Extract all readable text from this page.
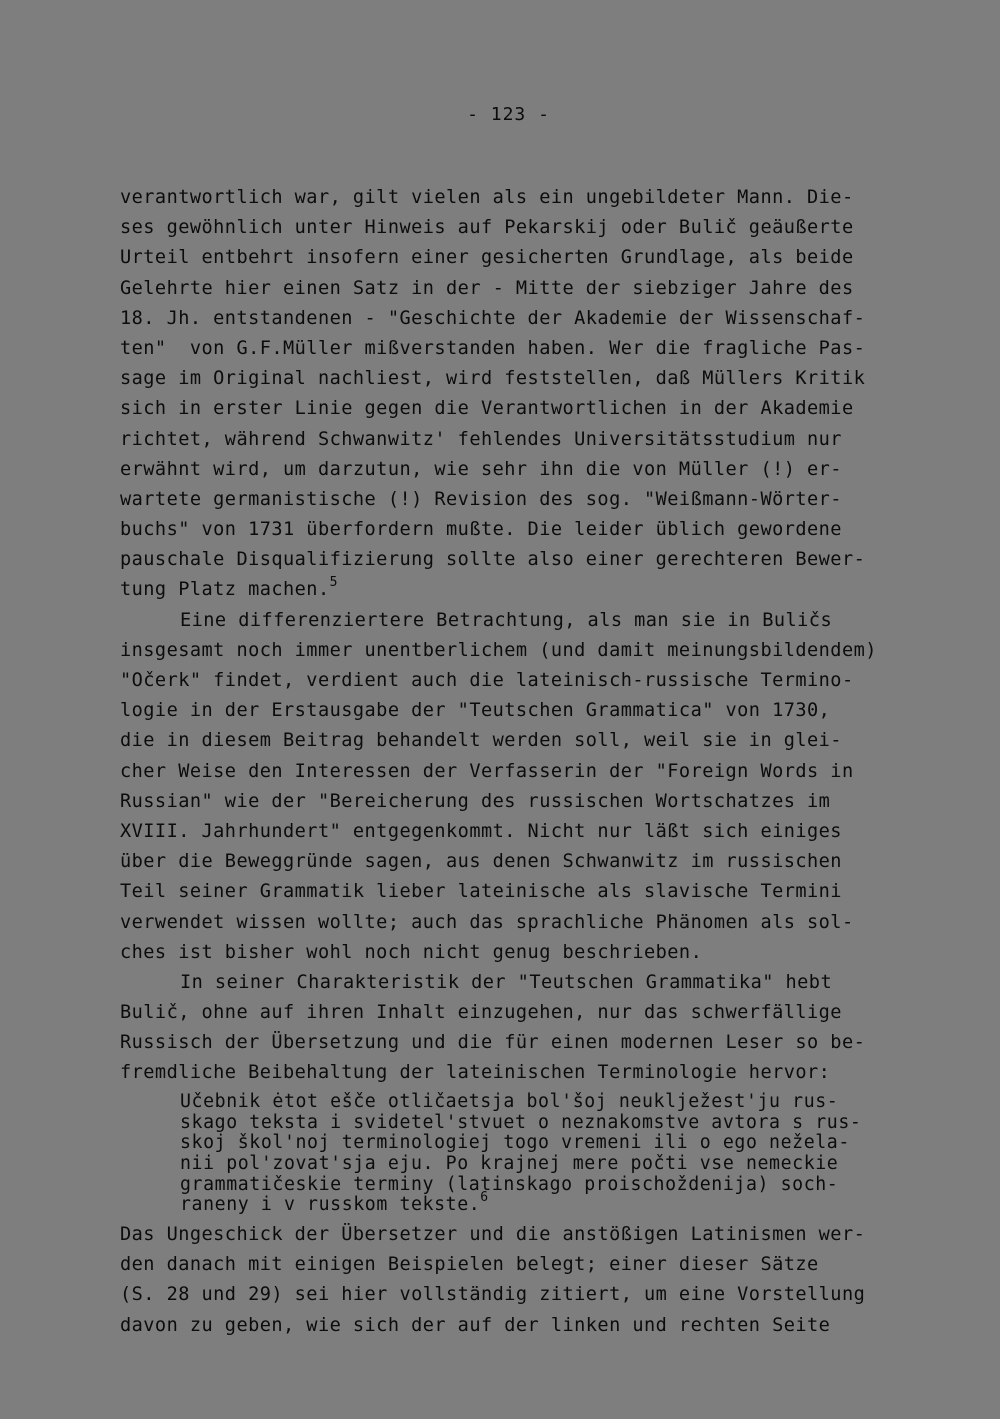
- 123 -
verantwortlich war, gilt vielen als ein ungebildeter Mann. Die-
ses gewöhnlich unter Hinweis auf Pekarskij oder Bulič geäußerte
Urteil entbehrt insofern einer gesicherten Grundlage, als beide
Gelehrte hier einen Satz in der - Mitte der siebziger Jahre des
18. Jh. entstandenen - "Geschichte der Akademie der Wissenschaf-
ten"  von G.F.Müller mißverstanden haben. Wer die fragliche Pas-
sage im Original nachliest, wird feststellen, daß Müllers Kritik
sich in erster Linie gegen die Verantwortlichen in der Akademie
richtet, während Schwanwitz' fehlendes Universitätsstudium nur
erwähnt wird, um darzutun, wie sehr ihn die von Müller (!) er-
wartete germanistische (!) Revision des sog. "Weißmann-Wörter-
buchs" von 1731 überfordern mußte. Die leider üblich gewordene
pauschale Disqualifizierung sollte also einer gerechteren Bewer-
tung Platz machen.$^5$
Eine differenziertere Betrachtung, als man sie in Buličs
insgesamt noch immer unentberlichem (und damit meinungsbildendem)
"Očerk" findet, verdient auch die lateinisch-russische Termino-
logie in der Erstausgabe der "Teutschen Grammatica" von 1730,
die in diesem Beitrag behandelt werden soll, weil sie in glei-
cher Weise den Interessen der Verfasserin der "Foreign Words in
Russian" wie der "Bereicherung des russischen Wortschatzes im
XVIII. Jahrhundert" entgegenkommt. Nicht nur läßt sich einiges
über die Beweggründe sagen, aus denen Schwanwitz im russischen
Teil seiner Grammatik lieber lateinische als slavische Termini
verwendet wissen wollte; auch das sprachliche Phänomen als sol-
ches ist bisher wohl noch nicht genug beschrieben.
In seiner Charakteristik der "Teutschen Grammatika" hebt
Bulič, ohne auf ihren Inhalt einzugehen, nur das schwerfällige
Russisch der Übersetzung und die für einen modernen Leser so be-
fremdliche Beibehaltung der lateinischen Terminologie hervor:
Učebnik ėtot ešče otličaetsja bol'šoj neuklježest'ju rus-
skago teksta i svidetel'stvuet o neznakomstve avtora s rus-
skoj škol'noj terminologiej togo vremeni ili o ego nežela-
nii pol'zovat'sja eju. Po krajnej mere počti vse nemeckie
grammatičeskie terminy (latinskago proischoždenija) soch-
raneny i v russkom tekste.$^6$
Das Ungeschick der Übersetzer und die anstößigen Latinismen wer-
den danach mit einigen Beispielen belegt; einer dieser Sätze
(S. 28 und 29) sei hier vollständig zitiert, um eine Vorstellung
davon zu geben, wie sich der auf der linken und rechten Seite
